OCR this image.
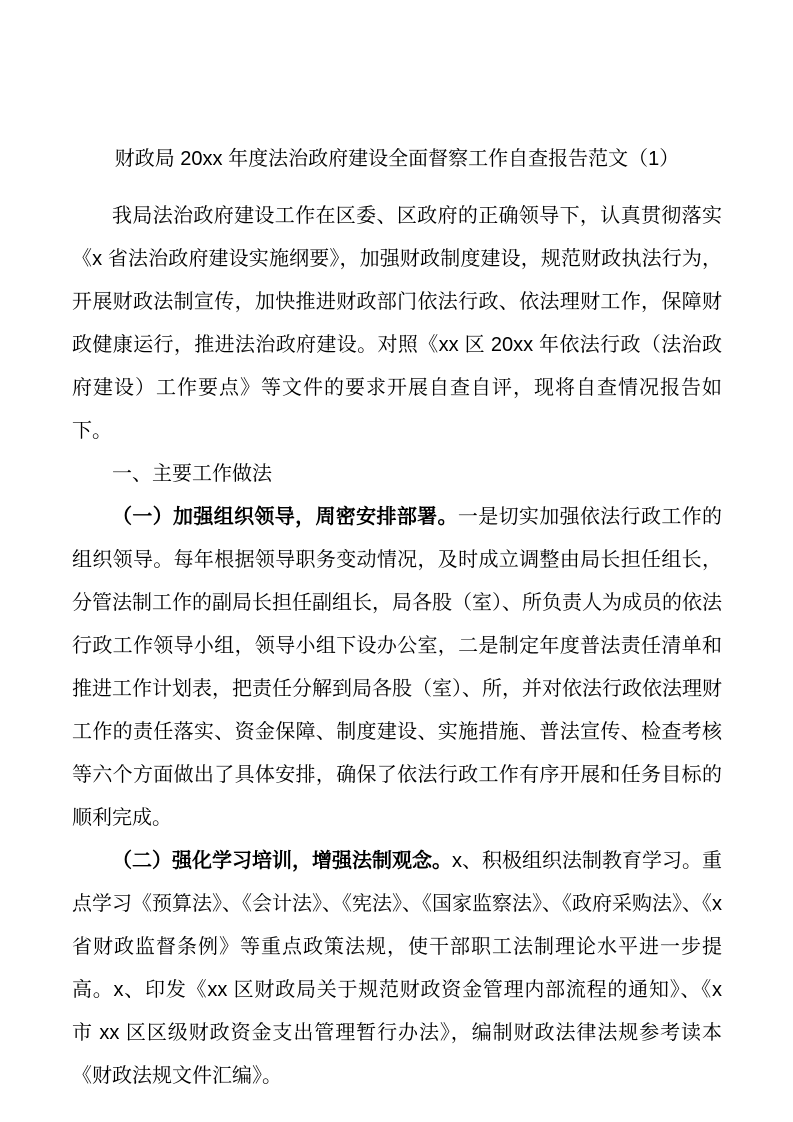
财政局 20xx 年度法治政府建设全面督察工作自查报告范文（1）

我局法治政府建设工作在区委、区政府的正确领导下，认真贯彻落实《x 省法治政府建设实施纲要》，加强财政制度建设，规范财政执法行为，开展财政法制宣传，加快推进财政部门依法行政、依法理财工作，保障财政健康运行，推进法治政府建设。对照《xx 区 20xx 年依法行政（法治政府建设）工作要点》等文件的要求开展自查自评，现将自查情况报告如下。

一、主要工作做法

（一）加强组织领导，周密安排部署。一是切实加强依法行政工作的组织领导。每年根据领导职务变动情况，及时成立调整由局长担任组长，分管法制工作的副局长担任副组长，局各股（室）、所负责人为成员的依法行政工作领导小组，领导小组下设办公室，二是制定年度普法责任清单和推进工作计划表，把责任分解到局各股（室）、所，并对依法行政依法理财工作的责任落实、资金保障、制度建设、实施措施、普法宣传、检查考核等六个方面做出了具体安排，确保了依法行政工作有序开展和任务目标的顺利完成。

（二）强化学习培训，增强法制观念。x、积极组织法制教育学习。重点学习《预算法》、《会计法》、《宪法》、《国家监察法》、《政府采购法》、《x 省财政监督条例》等重点政策法规，使干部职工法制理论水平进一步提高。x、印发《xx 区财政局关于规范财政资金管理内部流程的通知》、《x 市 xx 区区级财政资金支出管理暂行办法》，编制财政法律法规参考读本《财政法规文件汇编》。
